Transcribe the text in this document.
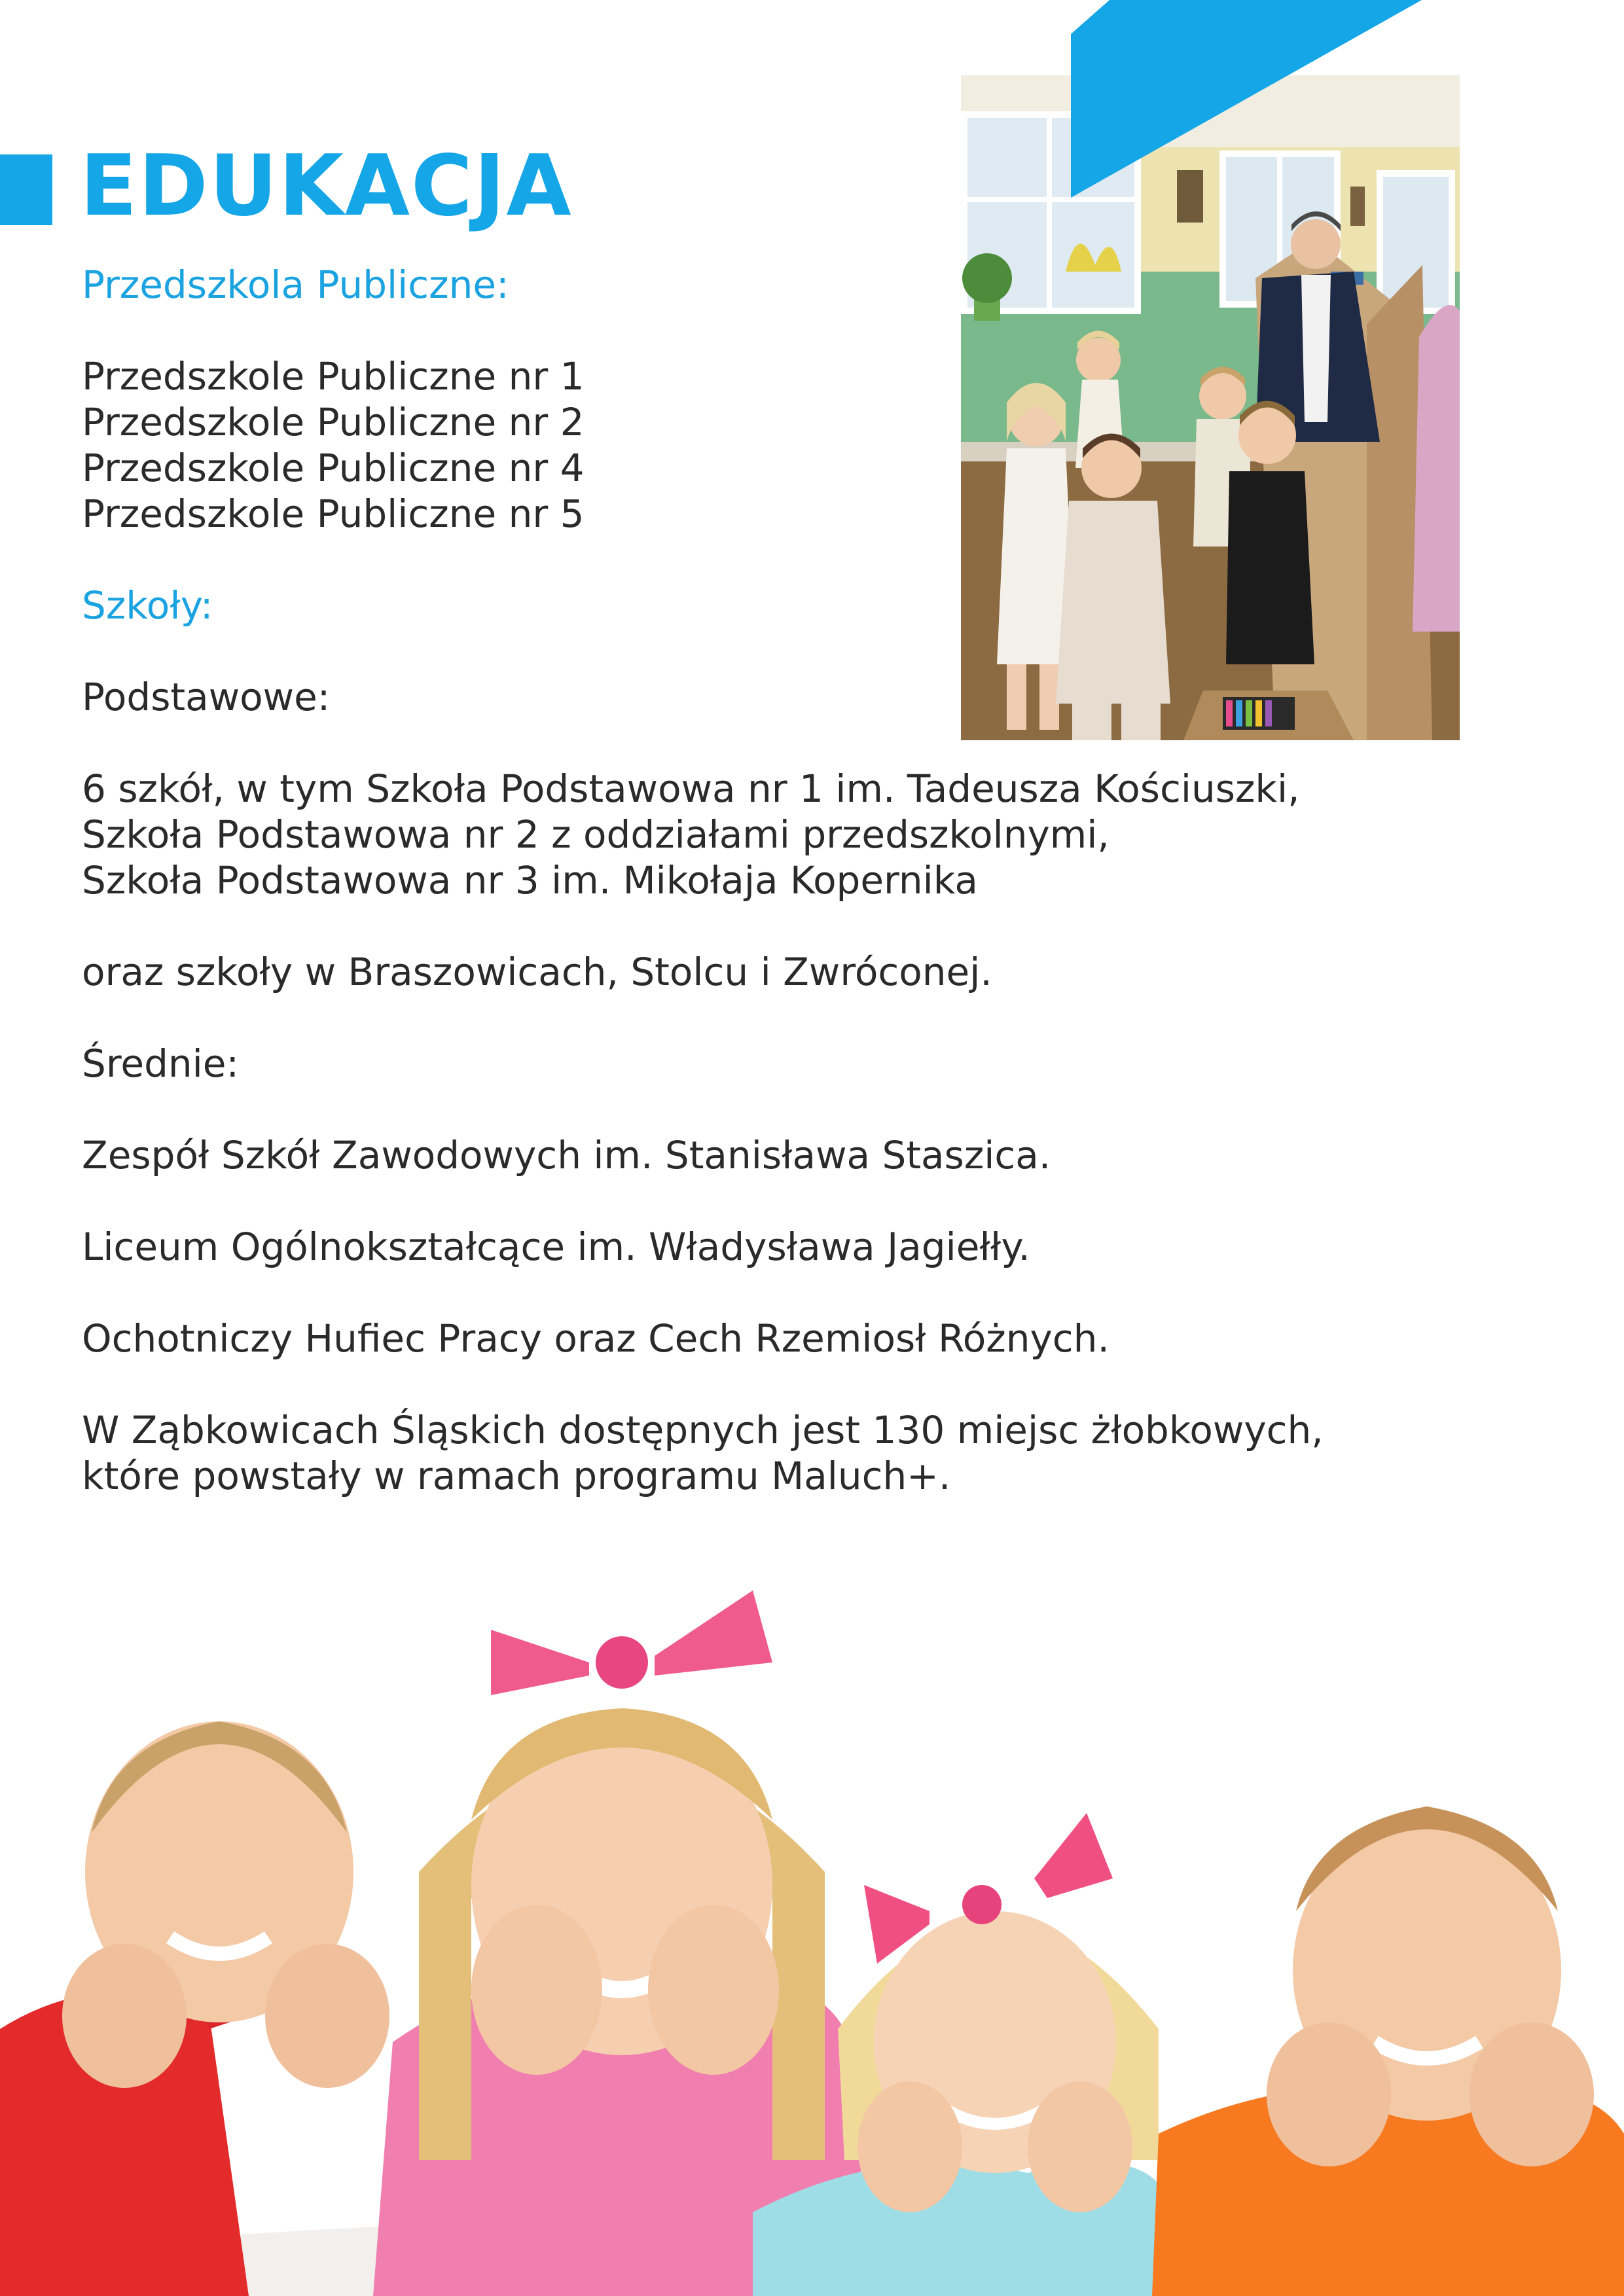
EDUKACJA

Przedszkola Publiczne:

Przedszkole Publiczne nr 1

Przedszkole Publiczne nr 2

Przedszkole Publiczne nr 4

Przedszkole Publiczne nr 5

Szkoły:

Podstawowe:

6 szkół, w tym Szkoła Podstawowa nr 1 im. Tadeusza Kościuszki,

Szkoła Podstawowa nr 2 z oddziałami przedszkolnymi,

Szkoła Podstawowa nr 3 im. Mikołaja Kopernika

oraz szkoły w Braszowicach, Stolcu i Zwróconej.

Średnie:

Zespół Szkół Zawodowych im. Stanisława Staszica.

Liceum Ogólnokształcące im. Władysława Jagiełły.

Ochotniczy Hufiec Pracy oraz Cech Rzemiosł Różnych.

W Ząbkowicach Śląskich dostępnych jest 130 miejsc żłobkowych,

które powstały w ramach programu Maluch+.
